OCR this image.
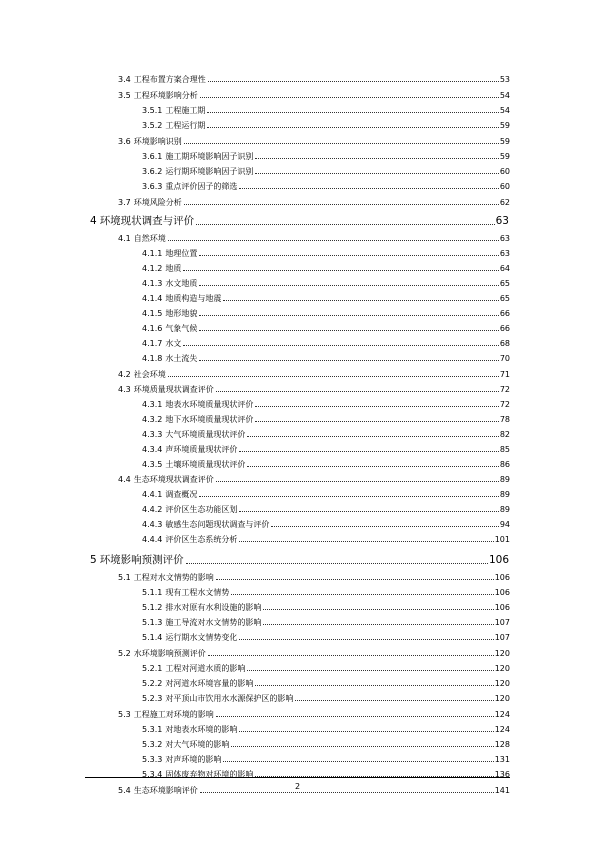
3.4 工程布置方案合理性	53
3.5 工程环境影响分析	54
3.5.1 工程施工期	54
3.5.2 工程运行期	59
3.6 环境影响识别	59
3.6.1 施工期环境影响因子识别	59
3.6.2 运行期环境影响因子识别	60
3.6.3 重点评价因子的筛选	60
3.7 环境风险分析	62
4 环境现状调查与评价	63
4.1 自然环境	63
4.1.1 地理位置	63
4.1.2 地质	64
4.1.3 水文地质	65
4.1.4 地质构造与地震	65
4.1.5 地形地貌	66
4.1.6 气象气候	66
4.1.7 水文	68
4.1.8 水土流失	70
4.2 社会环境	71
4.3 环境质量现状调查评价	72
4.3.1 地表水环境质量现状评价	72
4.3.2 地下水环境质量现状评价	78
4.3.3 大气环境质量现状评价	82
4.3.4 声环境质量现状评价	85
4.3.5 土壤环境质量现状评价	86
4.4 生态环境现状调查评价	89
4.4.1 调查概况	89
4.4.2 评价区生态功能区划	89
4.4.3 敏感生态问题现状调查与评价	94
4.4.4 评价区生态系统分析	101
5 环境影响预测评价	106
5.1 工程对水文情势的影响	106
5.1.1 现有工程水文情势	106
5.1.2 排水对原有水利设施的影响	106
5.1.3 施工导流对水文情势的影响	107
5.1.4 运行期水文情势变化	107
5.2 水环境影响预测评价	120
5.2.1 工程对河道水质的影响	120
5.2.2 对河道水环境容量的影响	120
5.2.3 对平顶山市饮用水水源保护区的影响	120
5.3 工程施工对环境的影响	124
5.3.1 对地表水环境的影响	124
5.3.2 对大气环境的影响	128
5.3.3 对声环境的影响	131
5.3.4 固体废弃物对环境的影响	136
5.4 生态环境影响评价	141
2
